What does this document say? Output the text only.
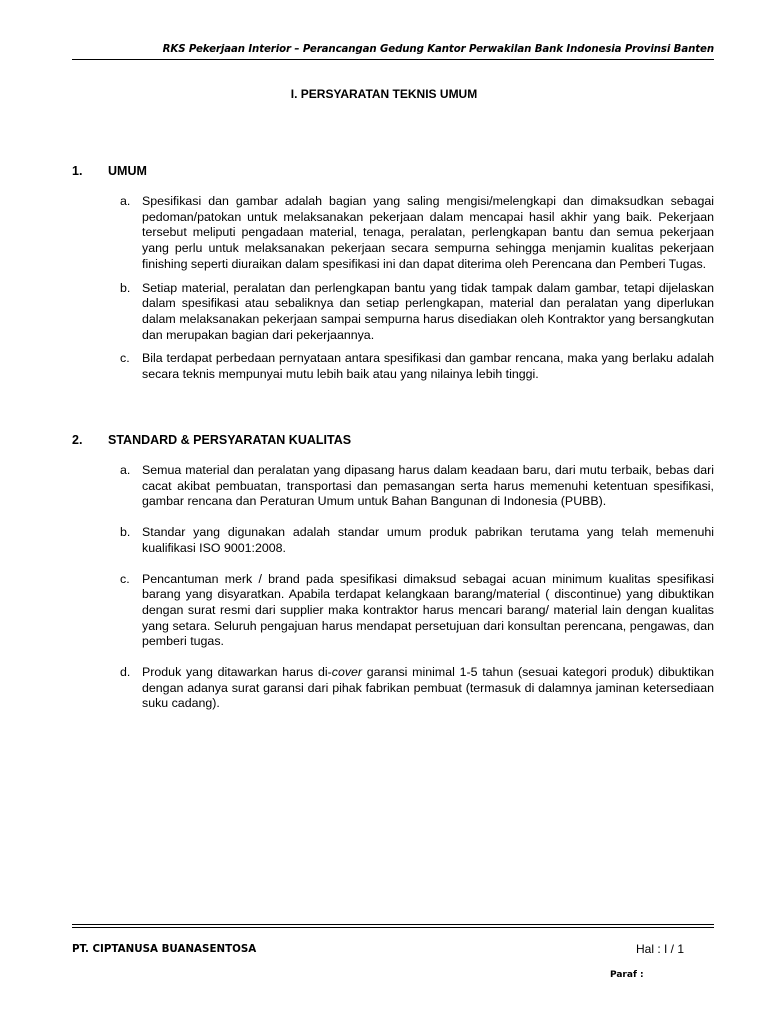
RKS Pekerjaan Interior – Perancangan Gedung Kantor Perwakilan Bank Indonesia Provinsi Banten
I. PERSYARATAN TEKNIS UMUM
1. UMUM
a. Spesifikasi dan gambar adalah bagian yang saling mengisi/melengkapi dan dimaksudkan sebagai pedoman/patokan untuk melaksanakan pekerjaan dalam mencapai hasil akhir yang baik. Pekerjaan tersebut meliputi pengadaan material, tenaga, peralatan, perlengkapan bantu dan semua pekerjaan yang perlu untuk melaksanakan pekerjaan secara sempurna sehingga menjamin kualitas pekerjaan finishing seperti diuraikan dalam spesifikasi ini dan dapat diterima oleh Perencana dan Pemberi Tugas.
b. Setiap material, peralatan dan perlengkapan bantu yang tidak tampak dalam gambar, tetapi dijelaskan dalam spesifikasi atau sebaliknya dan setiap perlengkapan, material dan peralatan yang diperlukan dalam melaksanakan pekerjaan sampai sempurna harus disediakan oleh Kontraktor yang bersangkutan dan merupakan bagian dari pekerjaannya.
c. Bila terdapat perbedaan pernyataan antara spesifikasi dan gambar rencana, maka yang berlaku adalah secara teknis mempunyai mutu lebih baik atau yang nilainya lebih tinggi.
2. STANDARD & PERSYARATAN KUALITAS
a. Semua material dan peralatan yang dipasang harus dalam keadaan baru, dari mutu terbaik, bebas dari cacat akibat pembuatan, transportasi dan pemasangan serta harus memenuhi ketentuan spesifikasi, gambar rencana dan Peraturan Umum untuk Bahan Bangunan di Indonesia (PUBB).
b. Standar yang digunakan adalah standar umum produk pabrikan terutama yang telah memenuhi kualifikasi ISO 9001:2008.
c. Pencantuman merk / brand pada spesifikasi dimaksud sebagai acuan minimum kualitas spesifikasi barang yang disyaratkan. Apabila terdapat kelangkaan barang/material ( discontinue) yang dibuktikan dengan surat resmi dari supplier maka kontraktor harus mencari barang/ material lain dengan kualitas yang setara. Seluruh pengajuan harus mendapat persetujuan dari konsultan perencana, pengawas, dan pemberi tugas.
d. Produk yang ditawarkan harus di-cover garansi minimal 1-5 tahun (sesuai kategori produk) dibuktikan dengan adanya surat garansi dari pihak fabrikan pembuat (termasuk di dalamnya jaminan ketersediaan suku cadang).
PT. CIPTANUSA BUANASENTOSA	Hal : I / 1
Paraf :
